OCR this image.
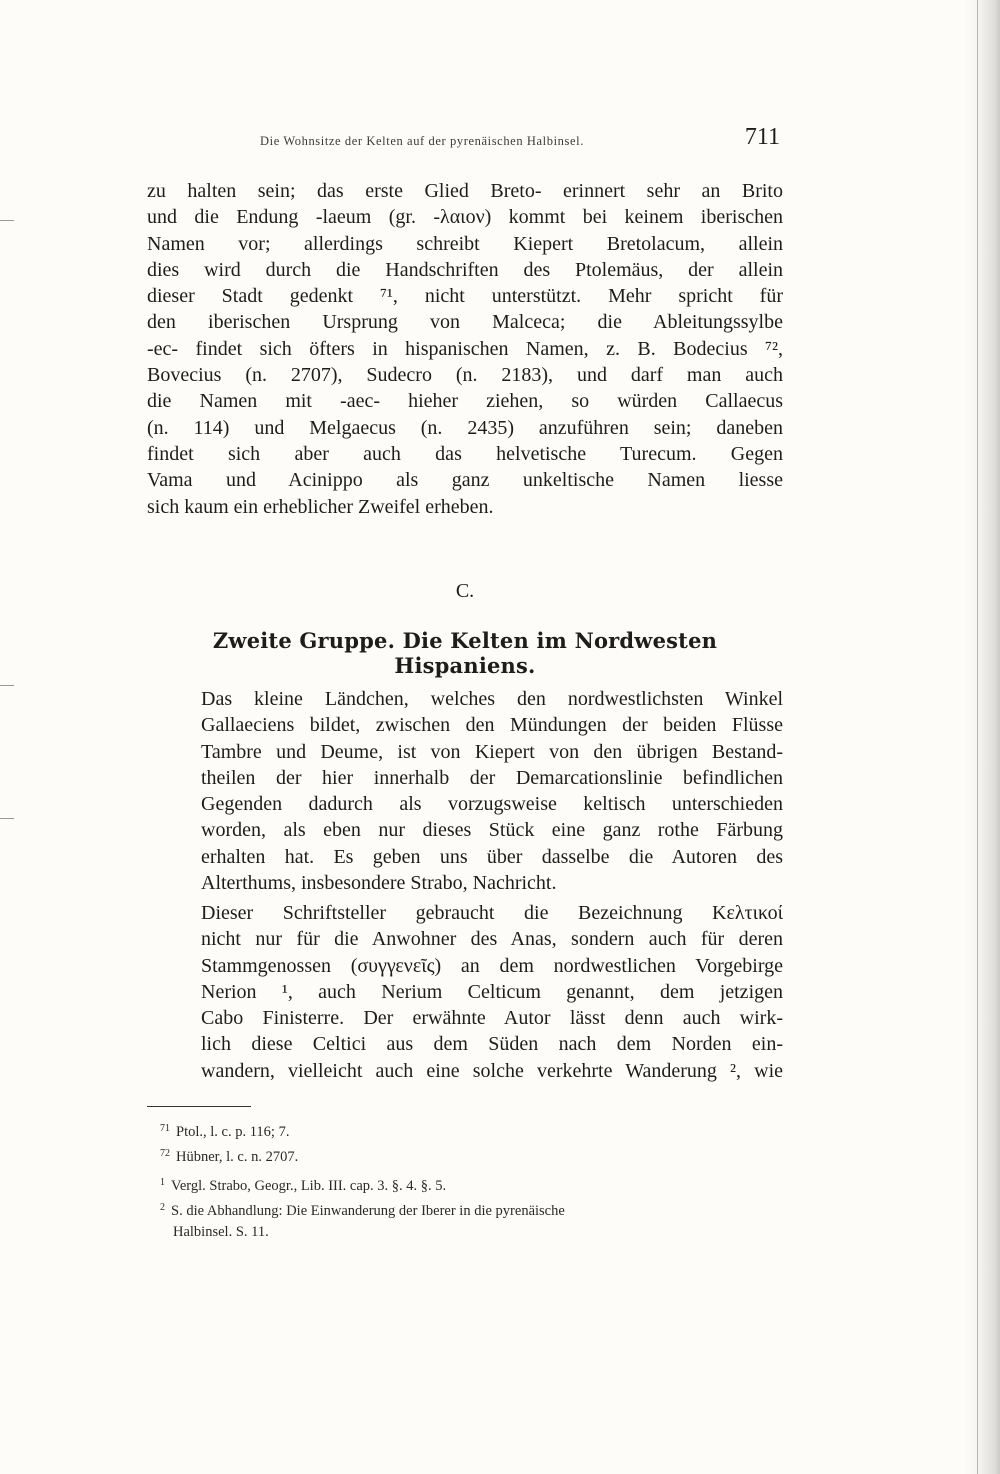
Die Wohnsitze der Kelten auf der pyrenäischen Halbinsel.	711
zu halten sein; das erste Glied Breto- erinnert sehr an Brito
und die Endung -laeum (gr. -λαιον) kommt bei keinem iberischen
Namen vor; allerdings schreibt Kiepert Bretolacum, allein
dies wird durch die Handschriften des Ptolemäus, der allein
dieser Stadt gedenkt ⁷¹, nicht unterstützt. Mehr spricht für
den iberischen Ursprung von Malceca; die Ableitungssylbe
-ec- findet sich öfters in hispanischen Namen, z. B. Bodecius ⁷²,
Bovecius (n. 2707), Sudecro (n. 2183), und darf man auch
die Namen mit -aec- hieher ziehen, so würden Callaecus
(n. 114) und Melgaecus (n. 2435) anzuführen sein; daneben
findet sich aber auch das helvetische Turecum. Gegen
Vama und Acinippo als ganz unkeltische Namen liesse
sich kaum ein erheblicher Zweifel erheben.
C.
Zweite Gruppe. Die Kelten im Nordwesten Hispaniens.
Das kleine Ländchen, welches den nordwestlichsten Winkel
Gallaeciens bildet, zwischen den Mündungen der beiden Flüsse
Tambre und Deume, ist von Kiepert von den übrigen Bestand-
theilen der hier innerhalb der Demarcationslinie befindlichen
Gegenden dadurch als vorzugsweise keltisch unterschieden
worden, als eben nur dieses Stück eine ganz rothe Färbung
erhalten hat. Es geben uns über dasselbe die Autoren des
Alterthums, insbesondere Strabo, Nachricht.
Dieser Schriftsteller gebraucht die Bezeichnung Κελτικοί
nicht nur für die Anwohner des Anas, sondern auch für deren
Stammgenossen (συγγενεῖς) an dem nordwestlichen Vorgebirge
Nerion ¹, auch Nerium Celticum genannt, dem jetzigen
Cabo Finisterre. Der erwähnte Autor lässt denn auch wirk-
lich diese Celtici aus dem Süden nach dem Norden ein-
wandern, vielleicht auch eine solche verkehrte Wanderung ², wie

$^{71}$ Ptol., l. c. p. 116; 7.

$^{72}$ Hübner, l. c. n. 2707.

$^1$ Vergl. Strabo, Geogr., Lib. III. cap. 3. §. 4. §. 5.

$^2$ S. die Abhandlung: Die Einwanderung der Iberer in die pyrenäische

Halbinsel. S. 11.
